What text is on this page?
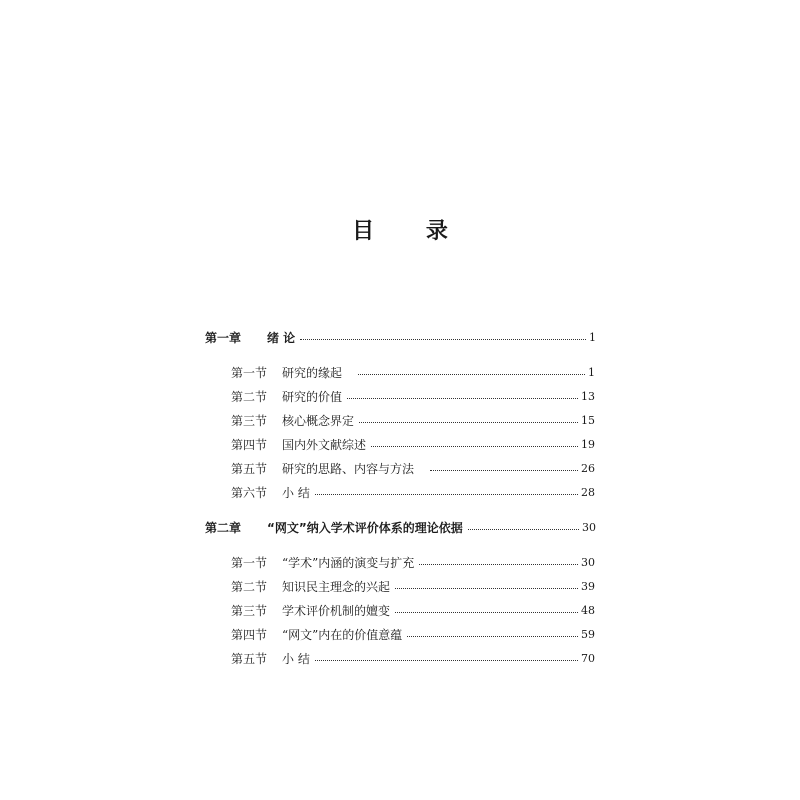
目 录
第一章	绪 论	1
第一节	研究的缘起	1
第二节	研究的价值	13
第三节	核心概念界定	15
第四节	国内外文献综述	19
第五节	研究的思路、内容与方法	26
第六节	小 结	28
第二章	“网文”纳入学术评价体系的理论依据	30
第一节	“学术”内涵的演变与扩充	30
第二节	知识民主理念的兴起	39
第三节	学术评价机制的嬗变	48
第四节	“网文”内在的价值意蕴	59
第五节	小 结	70
